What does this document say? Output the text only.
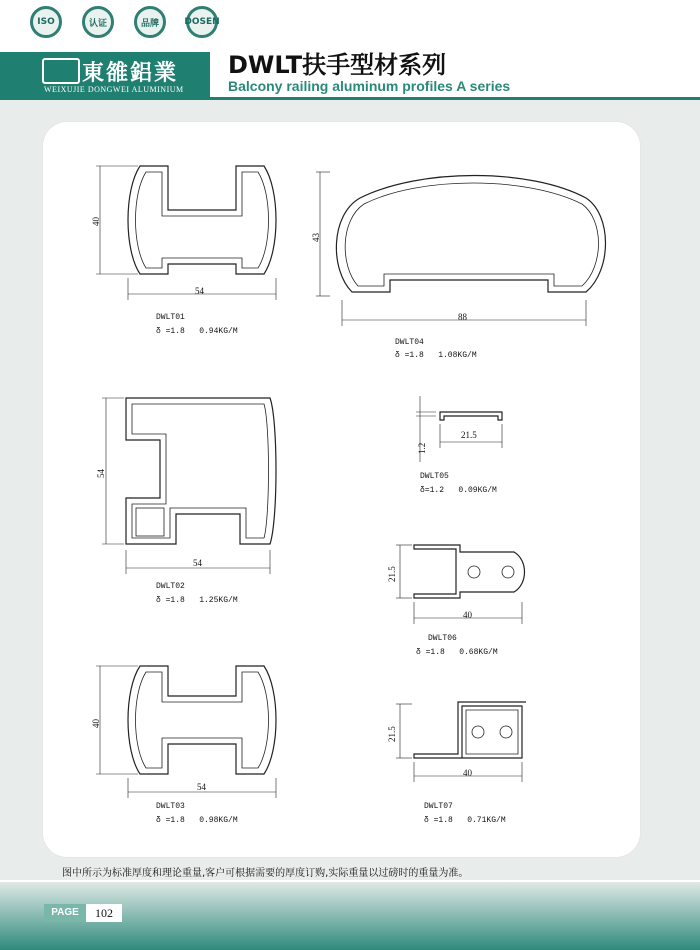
ISO	认证	品牌	DOSEN
東雒鋁業
WEIXUJIE DONGWEI ALUMINIUM
DWLT扶手型材系列
Balcony railing aluminum profiles A series
40
54
43
88
54
54
1.2
21.5
21.5
40
40
54
21.5
40
DWLT01
δ =1.8   0.94KG/M
DWLT04
δ =1.8   1.08KG/M
DWLT02
δ =1.8   1.25KG/M
DWLT05
δ=1.2   0.09KG/M
DWLT06
δ =1.8   0.68KG/M
DWLT03
δ =1.8   0.98KG/M
DWLT07
δ =1.8   0.71KG/M
图中所示为标准厚度和理论重量,客户可根据需要的厚度订购,实际重量以过磅时的重量为准。
PAGE	102
